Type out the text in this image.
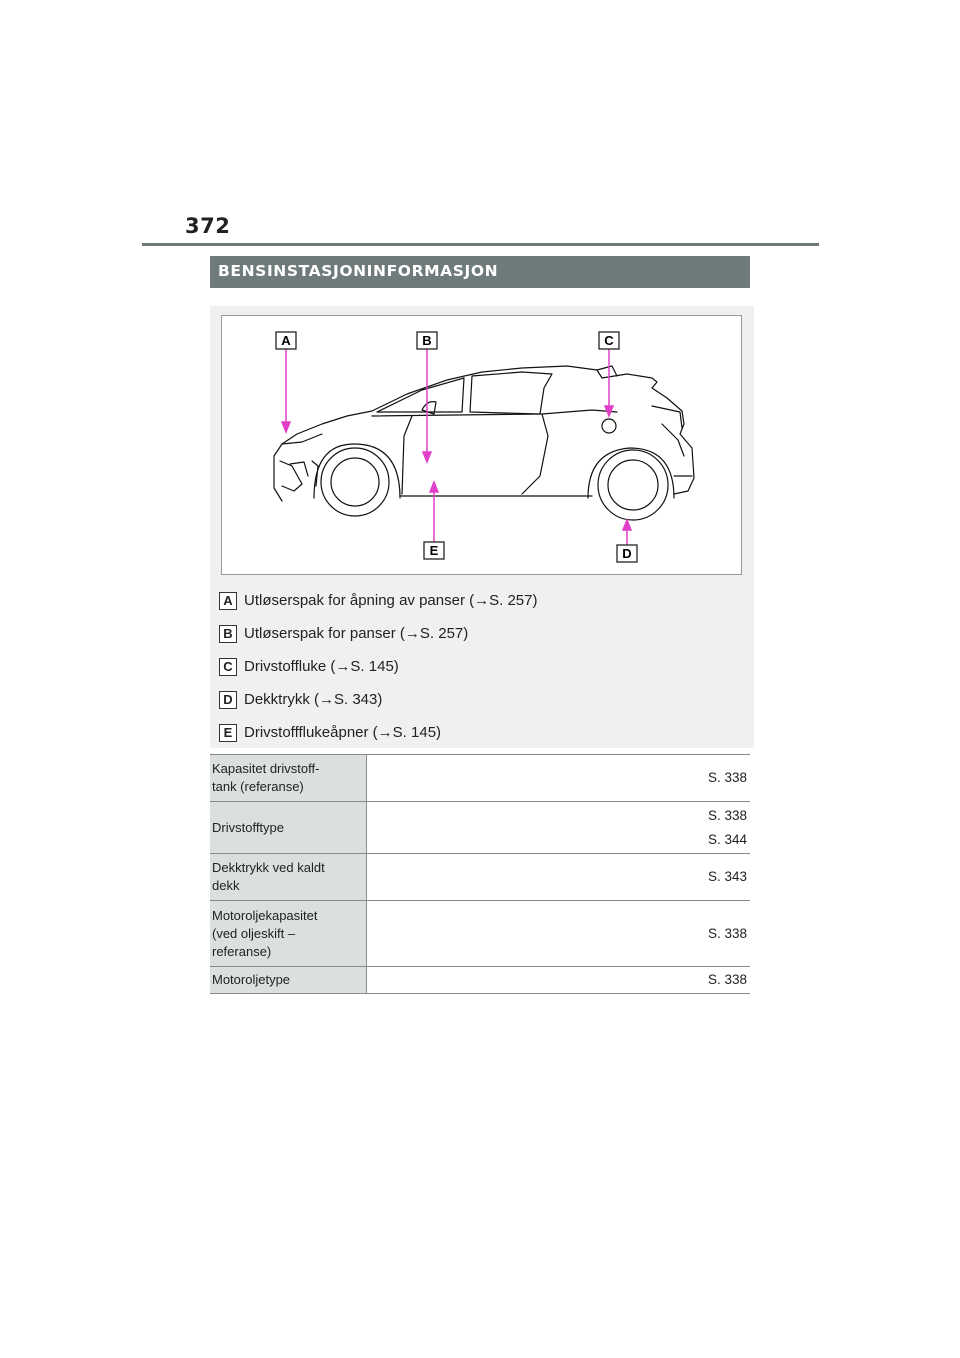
372
BENSINSTASJONINFORMASJON
A	B	C
D
E
A Utløserspak for åpning av panser (→S. 257)
B Utløserspak for panser (→S. 257)
C Drivstoffluke (→S. 145)
D Dekktrykk (→S. 343)
E Drivstoffflukeåpner (→S. 145)
Kapasitet drivstoff-
tank (referanse)	S. 338

Drivstofftype	S. 338
S. 344

Dekktrykk ved kaldt
dekk	S. 343

Motoroljekapasitet
(ved oljeskift –
referanse)	S. 338

Motoroljetype	S. 338
